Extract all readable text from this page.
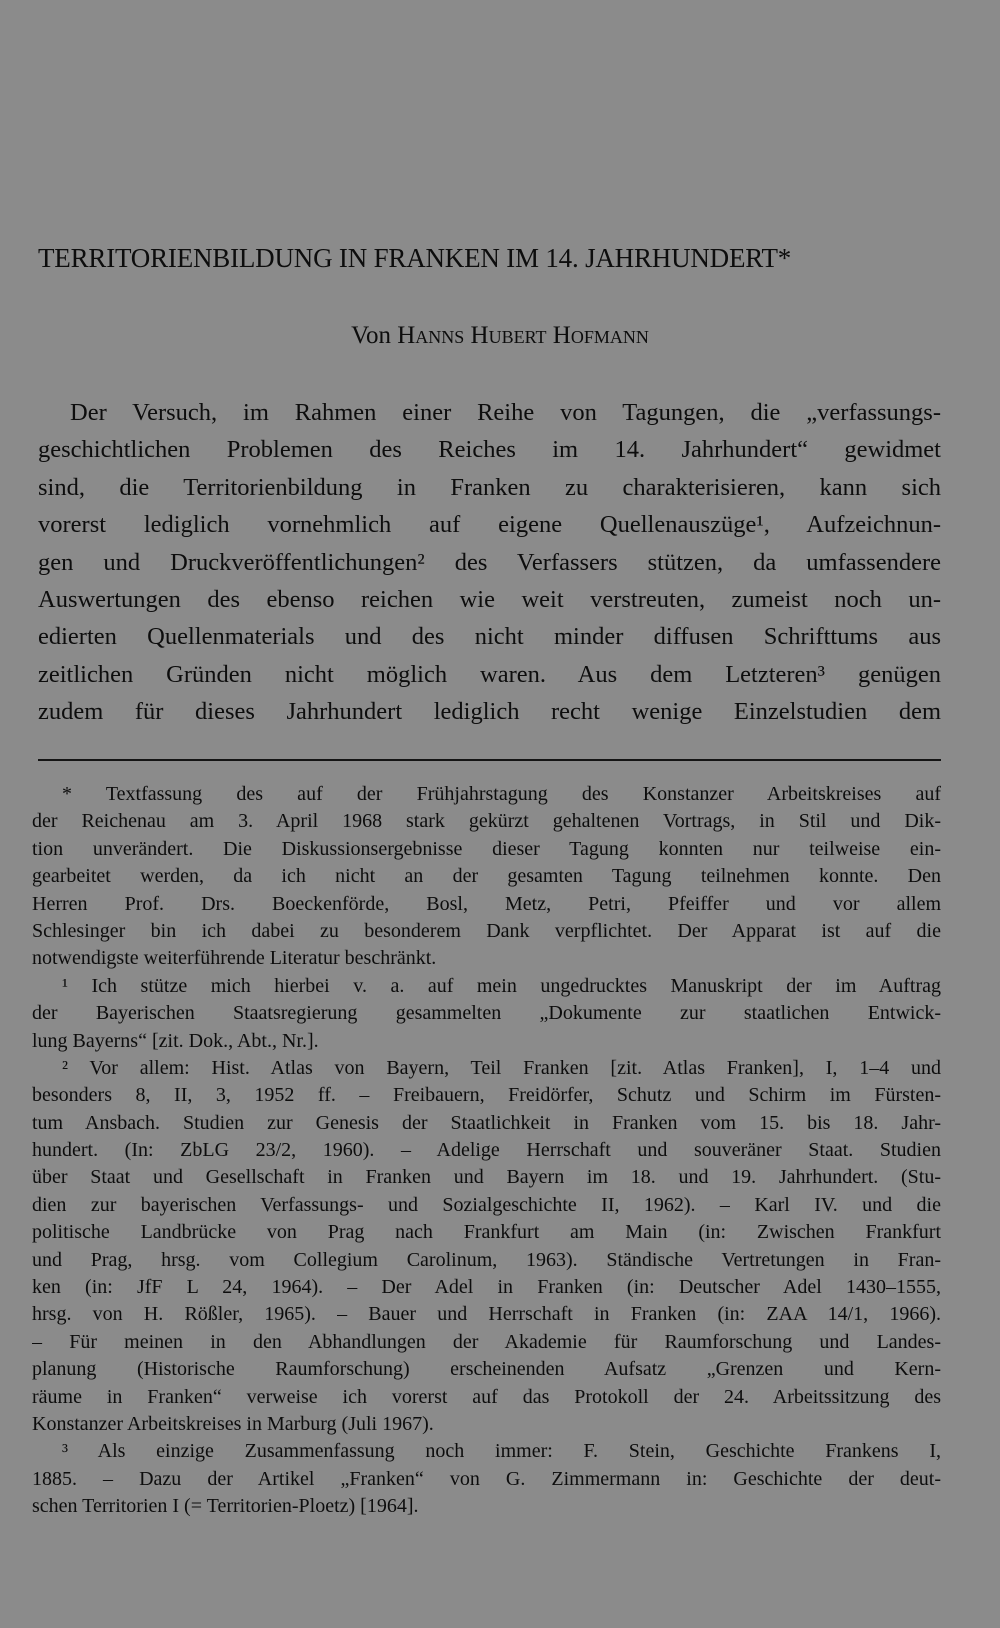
TERRITORIENBILDUNG IN FRANKEN IM 14. JAHRHUNDERT*
Von Hanns Hubert Hofmann
Der Versuch, im Rahmen einer Reihe von Tagungen, die „verfassungs-
geschichtlichen Problemen des Reiches im 14. Jahrhundert“ gewidmet
sind, die Territorienbildung in Franken zu charakterisieren, kann sich
vorerst lediglich vornehmlich auf eigene Quellenauszüge¹, Aufzeichnun-
gen und Druckveröffentlichungen² des Verfassers stützen, da umfassendere
Auswertungen des ebenso reichen wie weit verstreuten, zumeist noch un-
edierten Quellenmaterials und des nicht minder diffusen Schrifttums aus
zeitlichen Gründen nicht möglich waren. Aus dem Letzteren³ genügen
zudem für dieses Jahrhundert lediglich recht wenige Einzelstudien dem
* Textfassung des auf der Frühjahrstagung des Konstanzer Arbeitskreises auf
der Reichenau am 3. April 1968 stark gekürzt gehaltenen Vortrags, in Stil und Dik-
tion unverändert. Die Diskussionsergebnisse dieser Tagung konnten nur teilweise ein-
gearbeitet werden, da ich nicht an der gesamten Tagung teilnehmen konnte. Den
Herren Prof. Drs. Boeckenförde, Bosl, Metz, Petri, Pfeiffer und vor allem
Schlesinger bin ich dabei zu besonderem Dank verpflichtet. Der Apparat ist auf die
notwendigste weiterführende Literatur beschränkt.
¹ Ich stütze mich hierbei v. a. auf mein ungedrucktes Manuskript der im Auftrag
der Bayerischen Staatsregierung gesammelten „Dokumente zur staatlichen Entwick-
lung Bayerns“ [zit. Dok., Abt., Nr.].
² Vor allem: Hist. Atlas von Bayern, Teil Franken [zit. Atlas Franken], I, 1–4 und
besonders 8, II, 3, 1952 ff. – Freibauern, Freidörfer, Schutz und Schirm im Fürsten-
tum Ansbach. Studien zur Genesis der Staatlichkeit in Franken vom 15. bis 18. Jahr-
hundert. (In: ZbLG 23/2, 1960). – Adelige Herrschaft und souveräner Staat. Studien
über Staat und Gesellschaft in Franken und Bayern im 18. und 19. Jahrhundert. (Stu-
dien zur bayerischen Verfassungs- und Sozialgeschichte II, 1962). – Karl IV. und die
politische Landbrücke von Prag nach Frankfurt am Main (in: Zwischen Frankfurt
und Prag, hrsg. vom Collegium Carolinum, 1963). Ständische Vertretungen in Fran-
ken (in: JfF L 24, 1964). – Der Adel in Franken (in: Deutscher Adel 1430–1555,
hrsg. von H. Rößler, 1965). – Bauer und Herrschaft in Franken (in: ZAA 14/1, 1966).
– Für meinen in den Abhandlungen der Akademie für Raumforschung und Landes-
planung (Historische Raumforschung) erscheinenden Aufsatz „Grenzen und Kern-
räume in Franken“ verweise ich vorerst auf das Protokoll der 24. Arbeitssitzung des
Konstanzer Arbeitskreises in Marburg (Juli 1967).
³ Als einzige Zusammenfassung noch immer: F. Stein, Geschichte Frankens I,
1885. – Dazu der Artikel „Franken“ von G. Zimmermann in: Geschichte der deut-
schen Territorien I (= Territorien-Ploetz) [1964].
